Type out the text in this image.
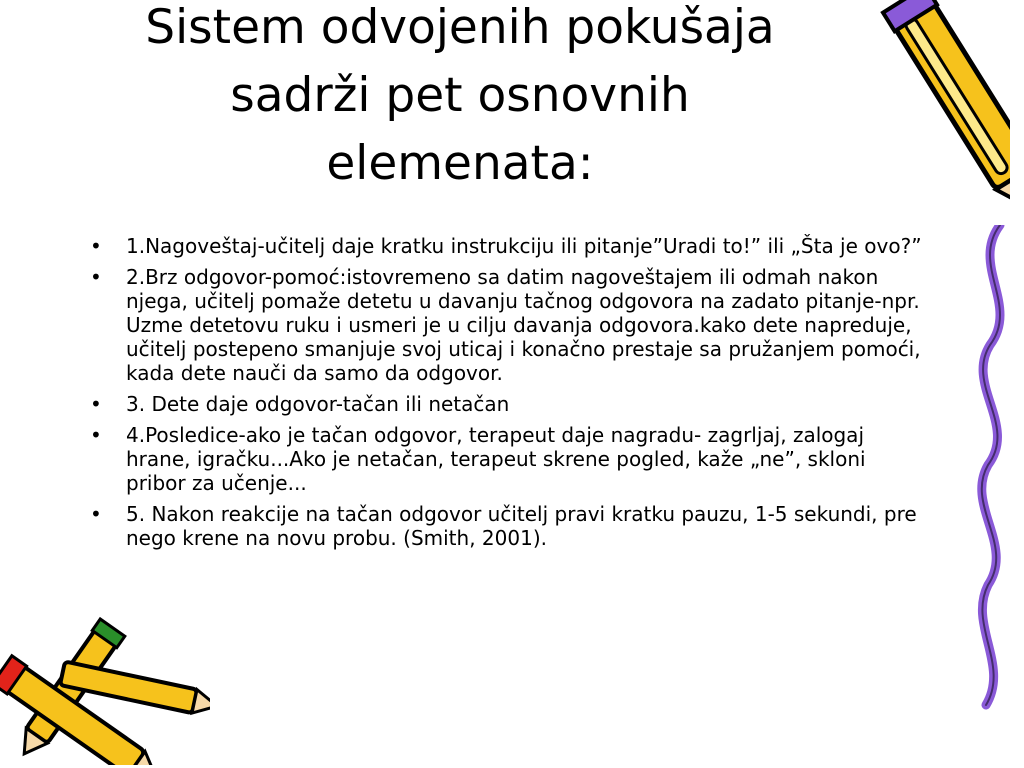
Sistem odvojenih pokušaja
sadrži pet osnovnih
elemenata:
• 1.Nagoveštaj-učitelj daje kratku instrukciju ili pitanje”Uradi to!” ili „Šta je ovo?”
• 2.Brz odgovor-pomoć:istovremeno sa datim nagoveštajem ili odmah nakon njega, učitelj pomaže detetu u davanju tačnog odgovora na zadato pitanje-npr. Uzme detetovu ruku i usmeri je u cilju davanja odgovora.kako dete napreduje, učitelj postepeno smanjuje svoj uticaj i konačno prestaje sa pružanjem pomoći, kada dete nauči da samo da odgovor.
• 3. Dete daje odgovor-tačan ili netačan
• 4.Posledice-ako je tačan odgovor, terapeut daje nagradu- zagrljaj, zalogaj hrane, igračku...Ako je netačan, terapeut skrene pogled, kaže „ne”, skloni pribor za učenje...
• 5. Nakon reakcije na tačan odgovor učitelj pravi kratku pauzu, 1-5 sekundi, pre nego krene na novu probu. (Smith, 2001).
